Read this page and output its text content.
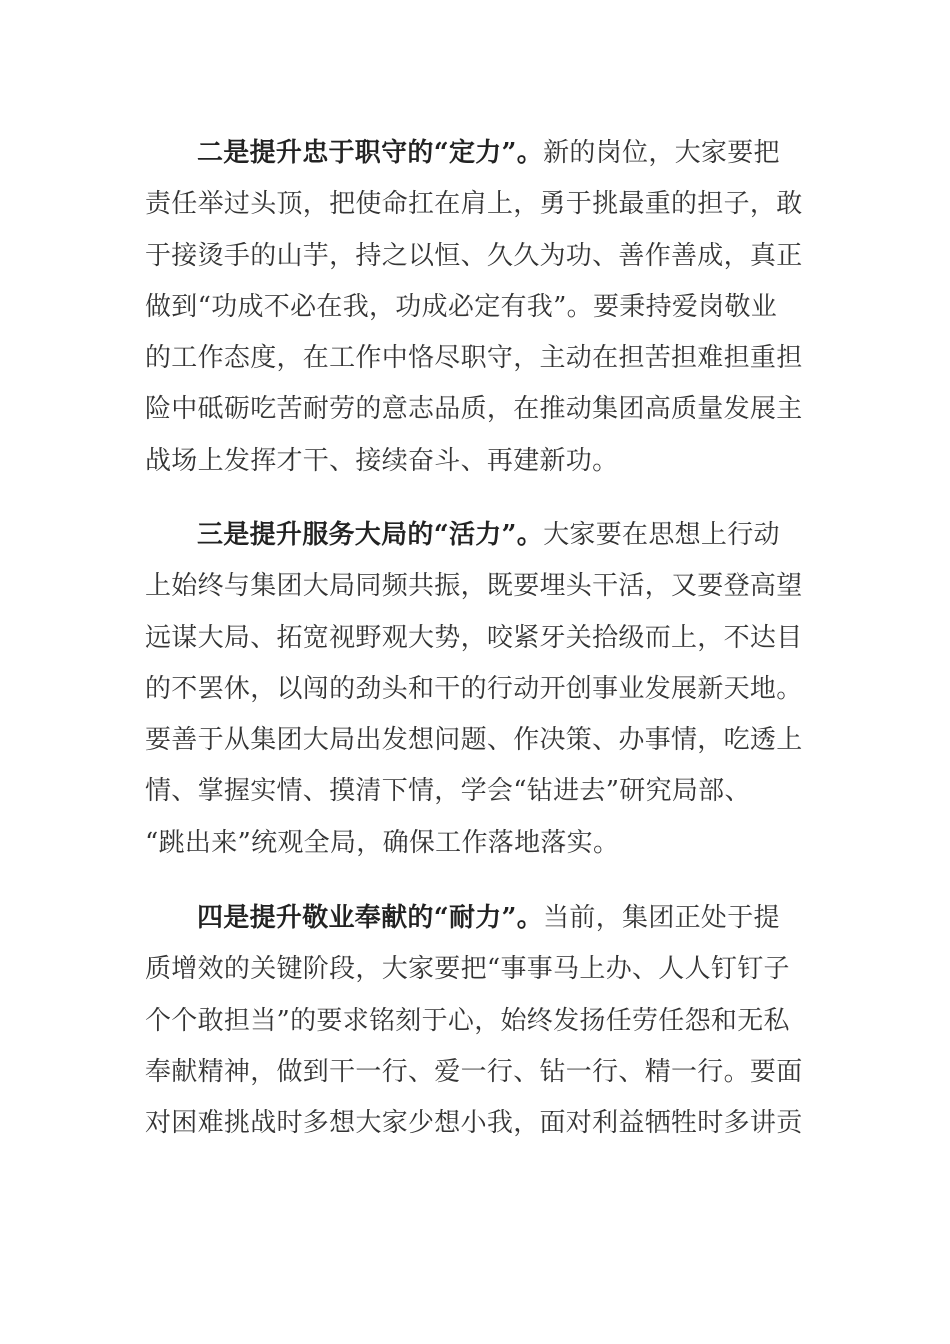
二是提升忠于职守的“定力”。新的岗位，大家要把
责任举过头顶，把使命扛在肩上，勇于挑最重的担子，敢
于接烫手的山芋，持之以恒、久久为功、善作善成，真正
做到“功成不必在我，功成必定有我”。要秉持爱岗敬业
的工作态度，在工作中恪尽职守，主动在担苦担难担重担
险中砥砺吃苦耐劳的意志品质，在推动集团高质量发展主
战场上发挥才干、接续奋斗、再建新功。
三是提升服务大局的“活力”。大家要在思想上行动
上始终与集团大局同频共振，既要埋头干活，又要登高望
远谋大局、拓宽视野观大势，咬紧牙关拾级而上，不达目
的不罢休，以闯的劲头和干的行动开创事业发展新天地。
要善于从集团大局出发想问题、作决策、办事情，吃透上
情、掌握实情、摸清下情，学会“钻进去”研究局部、
“跳出来”统观全局，确保工作落地落实。
四是提升敬业奉献的“耐力”。当前，集团正处于提
质增效的关键阶段，大家要把“事事马上办、人人钉钉子
个个敢担当”的要求铭刻于心，始终发扬任劳任怨和无私
奉献精神，做到干一行、爱一行、钻一行、精一行。要面
对困难挑战时多想大家少想小我，面对利益牺牲时多讲贡
